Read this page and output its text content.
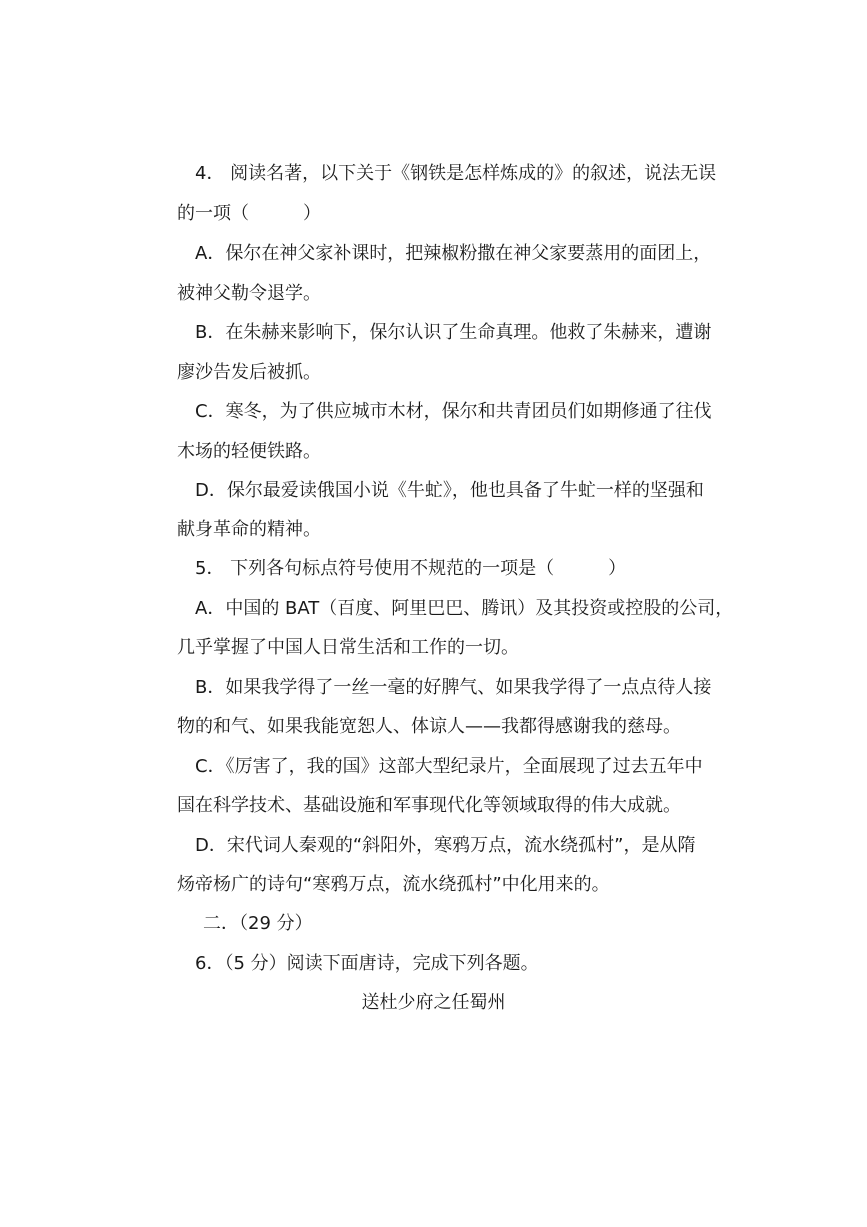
4． 阅读名著，以下关于《钢铁是怎样炼成的》的叙述，说法无误
的一项（　　　）
A．保尔在神父家补课时，把辣椒粉撒在神父家要蒸用的面团上，
被神父勒令退学。
B．在朱赫来影响下，保尔认识了生命真理。他救了朱赫来，遭谢
廖沙告发后被抓。
C．寒冬，为了供应城市木材，保尔和共青团员们如期修通了往伐
木场的轻便铁路。
D．保尔最爱读俄国小说《牛虻》，他也具备了牛虻一样的坚强和
献身革命的精神。
5． 下列各句标点符号使用不规范的一项是（　　　）
A．中国的 BAT（百度、阿里巴巴、腾讯）及其投资或控股的公司，
几乎掌握了中国人日常生活和工作的一切。
B．如果我学得了一丝一毫的好脾气、如果我学得了一点点待人接
物的和气、如果我能宽恕人、体谅人——我都得感谢我的慈母。
C．《厉害了，我的国》这部大型纪录片，全面展现了过去五年中
国在科学技术、基础设施和军事现代化等领域取得的伟大成就。
D．宋代词人秦观的“斜阳外，寒鸦万点，流水绕孤村”，是从隋
炀帝杨广的诗句“寒鸦万点，流水绕孤村”中化用来的。
二．（29 分）
6．（5 分）阅读下面唐诗，完成下列各题。
送杜少府之任蜀州
